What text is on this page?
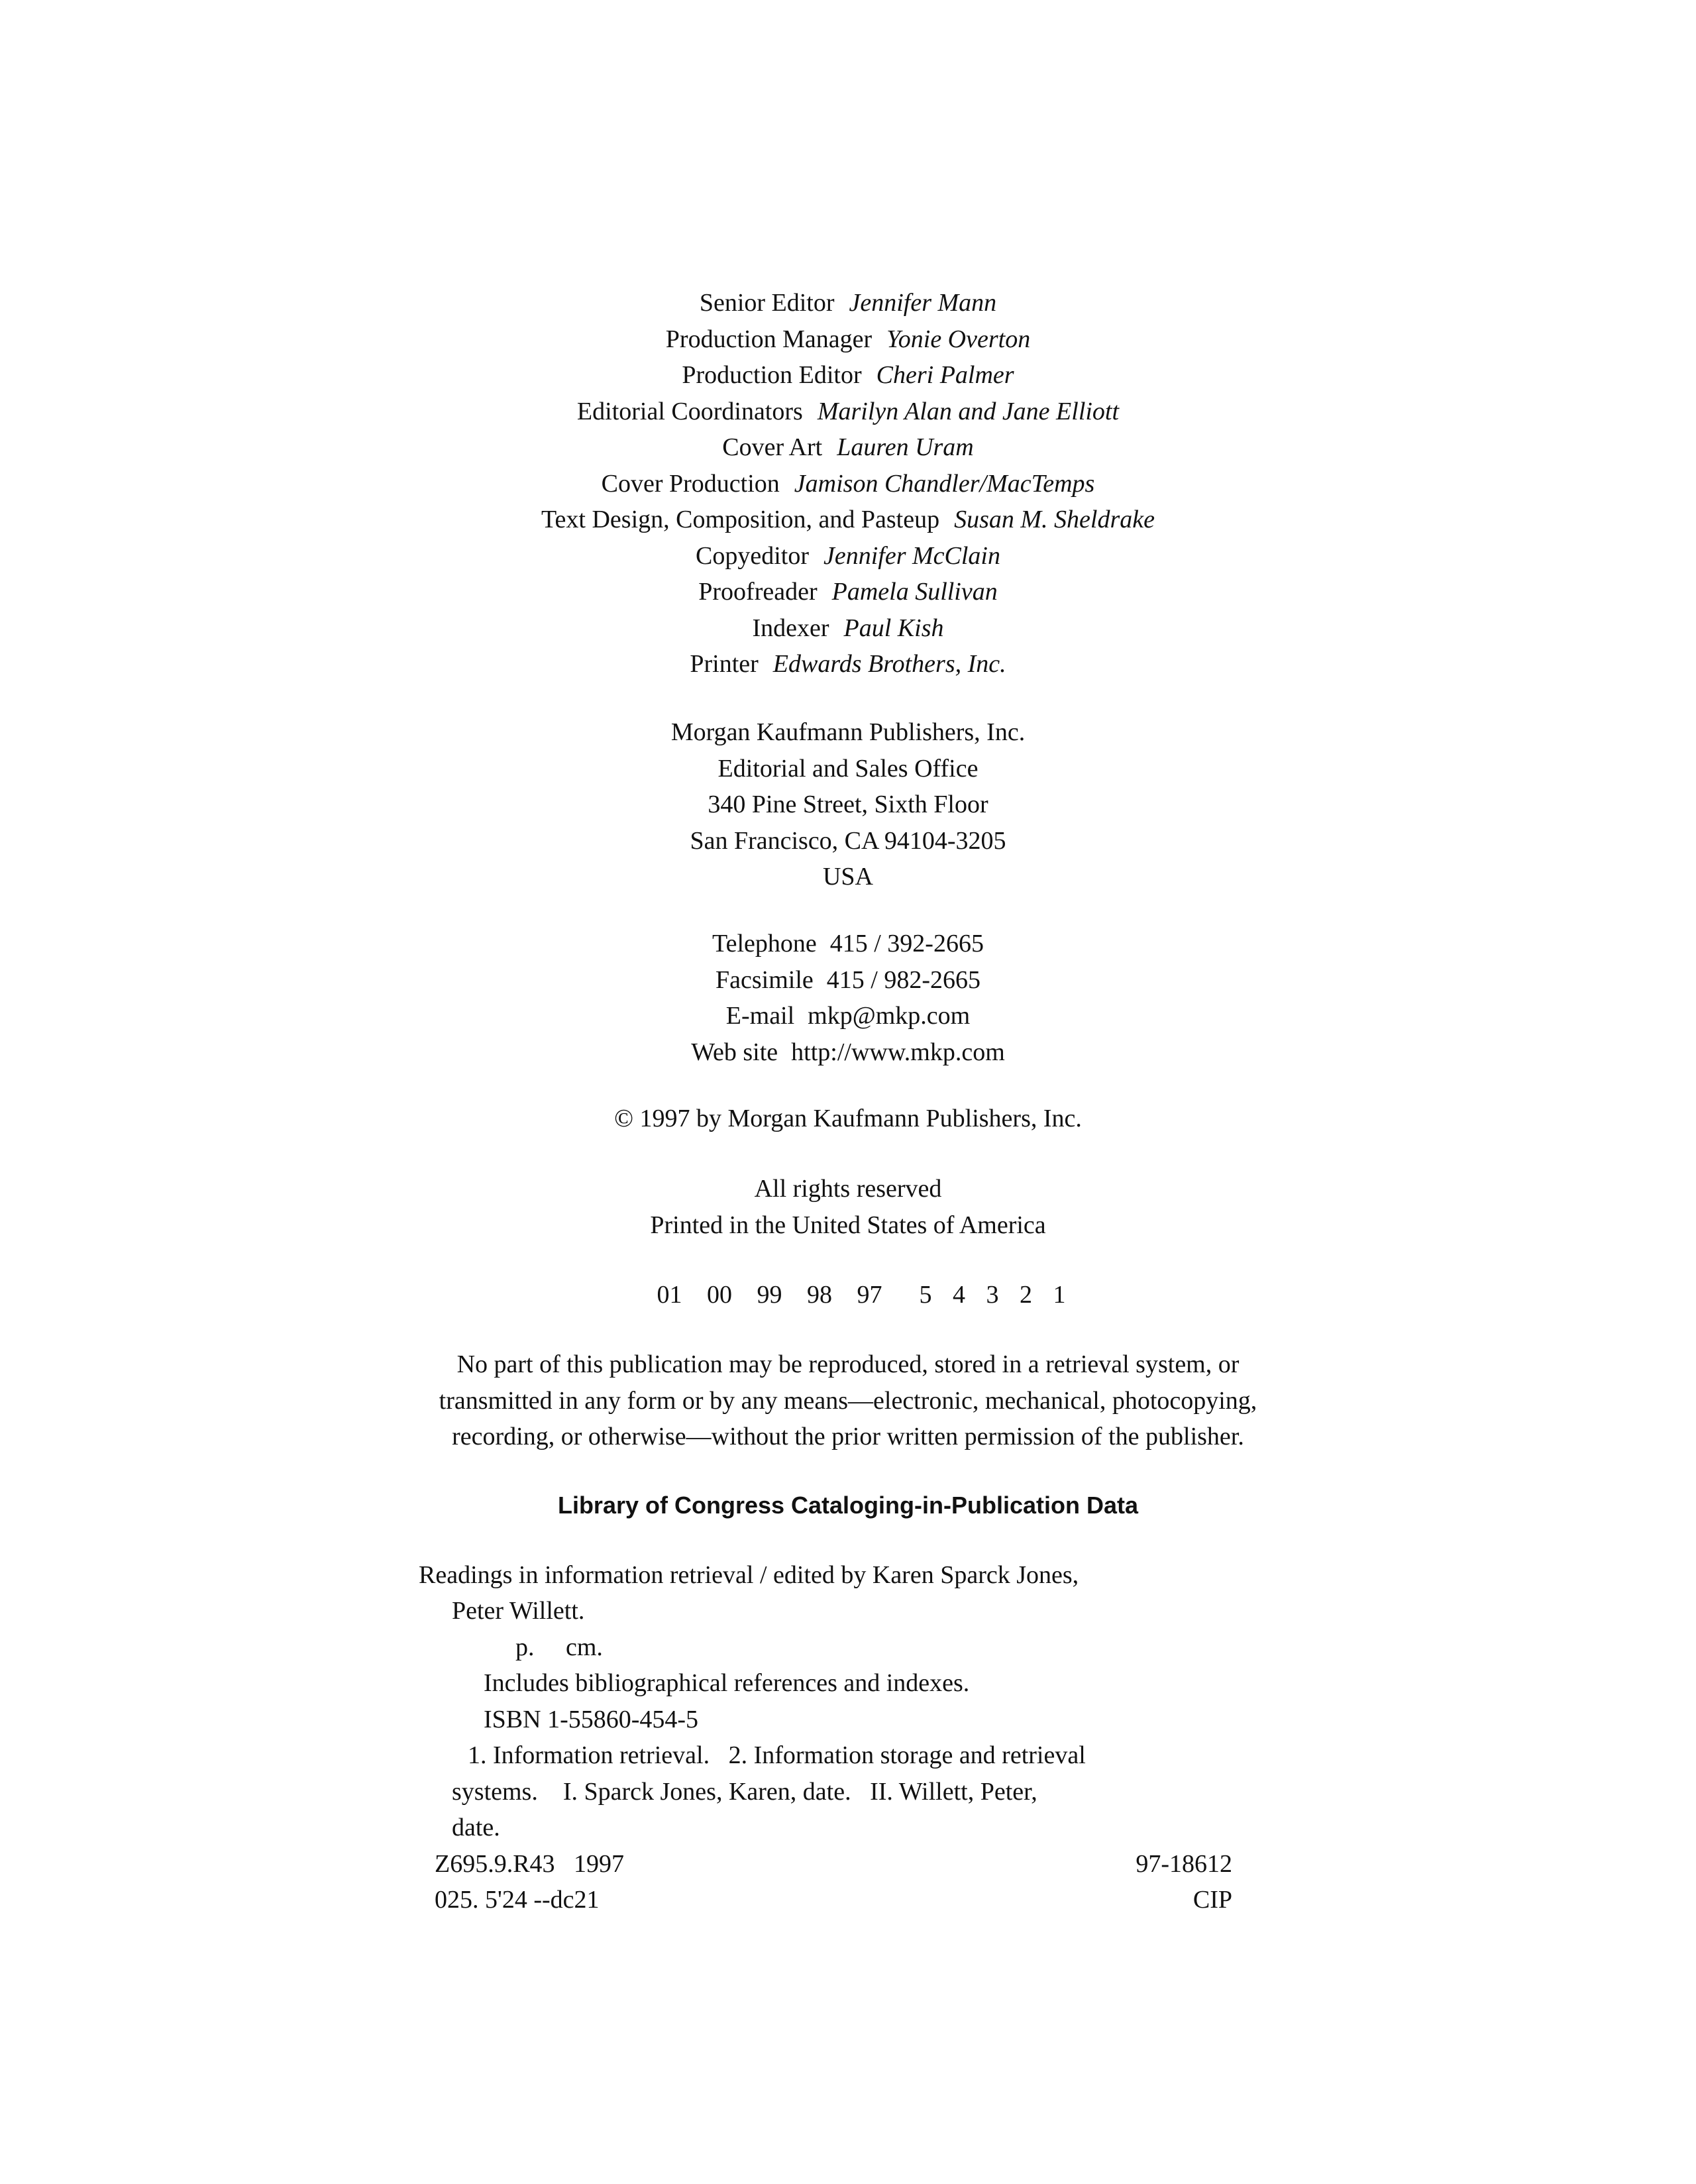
Senior Editor Jennifer Mann
Production Manager Yonie Overton
Production Editor Cheri Palmer
Editorial Coordinators Marilyn Alan and Jane Elliott
Cover Art Lauren Uram
Cover Production Jamison Chandler/MacTemps
Text Design, Composition, and Pasteup Susan M. Sheldrake
Copyeditor Jennifer McClain
Proofreader Pamela Sullivan
Indexer Paul Kish
Printer Edwards Brothers, Inc.
Morgan Kaufmann Publishers, Inc.
Editorial and Sales Office
340 Pine Street, Sixth Floor
San Francisco, CA 94104-3205
USA
Telephone 415 / 392-2665
Facsimile 415 / 982-2665
E-mail mkp@mkp.com
Web site http://www.mkp.com
© 1997 by Morgan Kaufmann Publishers, Inc.
All rights reserved
Printed in the United States of America
01 00 99 98 97 5 4 3 2 1
No part of this publication may be reproduced, stored in a retrieval system, or
transmitted in any form or by any means—electronic, mechanical, photocopying,
recording, or otherwise—without the prior written permission of the publisher.
Library of Congress Cataloging-in-Publication Data
Readings in information retrieval / edited by Karen Sparck Jones,
Peter Willett.
p.     cm.
Includes bibliographical references and indexes.
ISBN 1-55860-454-5
1. Information retrieval.   2. Information storage and retrieval
systems.    I. Sparck Jones, Karen, date.   II. Willett, Peter,
date.
Z695.9.R43   1997	97-18612
025. 5'24 --dc21	CIP
